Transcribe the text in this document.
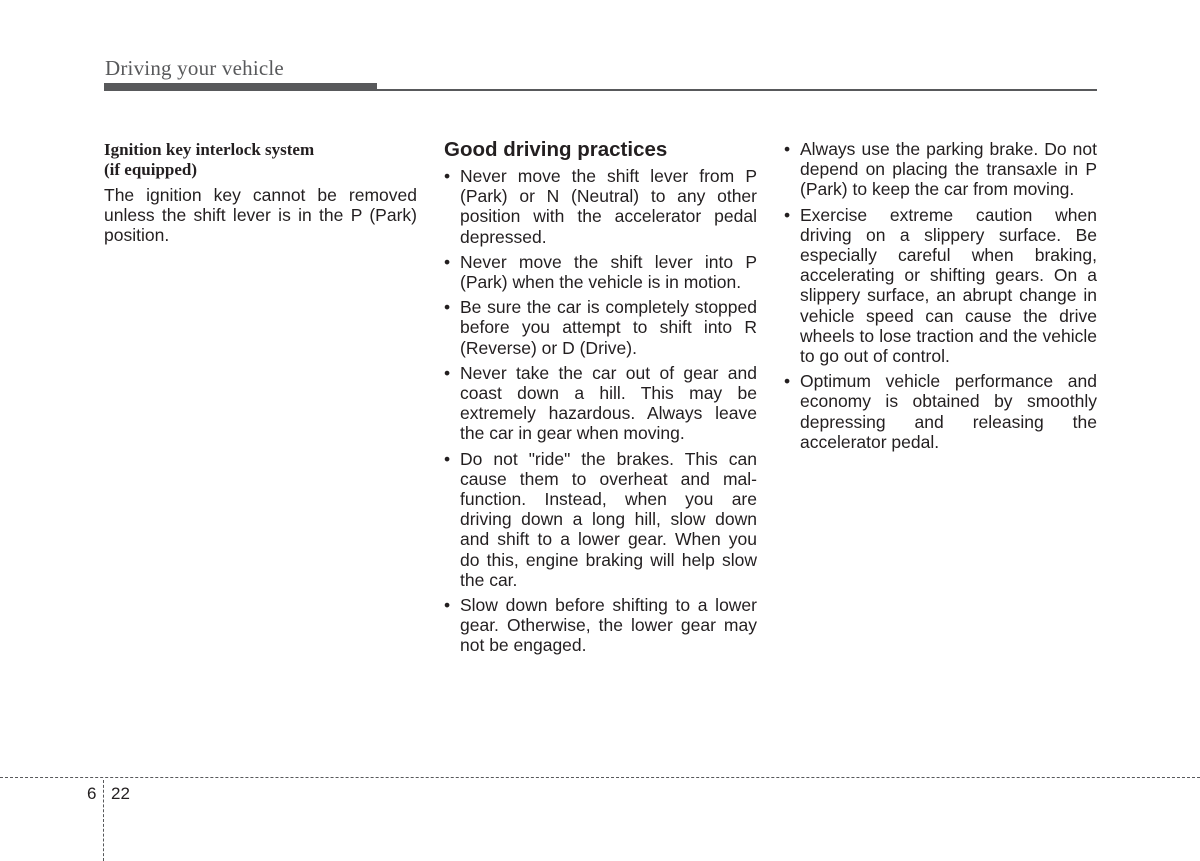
Driving your vehicle
Ignition key interlock system
(if equipped)

The ignition key cannot be removed unless the shift lever is in the P (Park) position.

Good driving practices
• Never move the shift lever from P (Park) or N (Neutral) to any other position with the accelerator pedal depressed.
• Never move the shift lever into P (Park) when the vehicle is in motion.
• Be sure the car is completely stopped before you attempt to shift into R (Reverse) or D (Drive).
• Never take the car out of gear and coast down a hill. This may be extremely hazardous. Always leave the car in gear when moving.
• Do not "ride" the brakes. This can cause them to overheat and mal-function. Instead, when you are driving down a long hill, slow down and shift to a lower gear. When you do this, engine braking will help slow the car.
• Slow down before shifting to a lower gear. Otherwise, the lower gear may not be engaged.
• Always use the parking brake. Do not depend on placing the transaxle in P (Park) to keep the car from moving.
• Exercise extreme caution when driving on a slippery surface. Be especially careful when braking, accelerating or shifting gears. On a slippery surface, an abrupt change in vehicle speed can cause the drive wheels to lose traction and the vehicle to go out of control.
• Optimum vehicle performance and economy is obtained by smoothly depressing and releasing the accelerator pedal.
6 22
